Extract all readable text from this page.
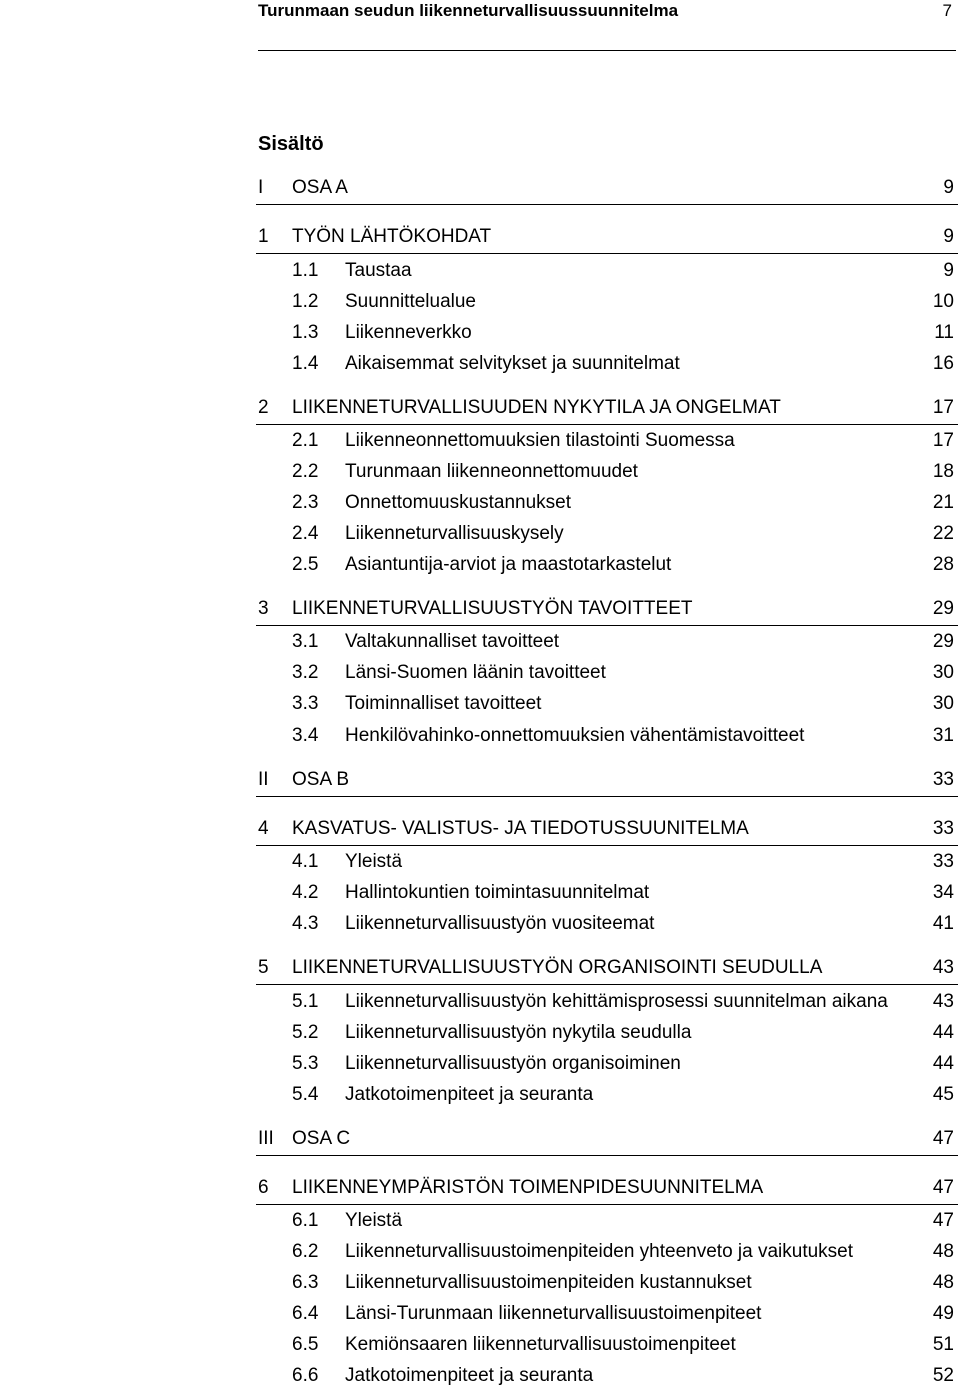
Turunmaan seudun liikenneturvallisuussuunnitelma	7
Sisältö
I OSA A	9
1 TYÖN LÄHTÖKOHDAT	9
1.1 Taustaa	9
1.2 Suunnittelualue	10
1.3 Liikenneverkko	11
1.4 Aikaisemmat selvitykset ja suunnitelmat	16
2 LIIKENNETURVALLISUUDEN NYKYTILA JA ONGELMAT	17
2.1 Liikenneonnettomuuksien tilastointi Suomessa	17
2.2 Turunmaan liikenneonnettomuudet	18
2.3 Onnettomuuskustannukset	21
2.4 Liikenneturvallisuuskysely	22
2.5 Asiantuntija-arviot ja maastotarkastelut	28
3 LIIKENNETURVALLISUUSTYÖN TAVOITTEET	29
3.1 Valtakunnalliset tavoitteet	29
3.2 Länsi-Suomen läänin tavoitteet	30
3.3 Toiminnalliset tavoitteet	30
3.4 Henkilövahinko-onnettomuuksien vähentämistavoitteet	31
II OSA B	33
4 KASVATUS- VALISTUS- JA TIEDOTUSSUUNITELMA	33
4.1 Yleistä	33
4.2 Hallintokuntien toimintasuunnitelmat	34
4.3 Liikenneturvallisuustyön vuositeemat	41
5 LIIKENNETURVALLISUUSTYÖN ORGANISOINTI SEUDULLA	43
5.1 Liikenneturvallisuustyön kehittämisprosessi suunnitelman aikana 43
5.2 Liikenneturvallisuustyön nykytila seudulla	44
5.3 Liikenneturvallisuustyön organisoiminen	44
5.4 Jatkotoimenpiteet ja seuranta	45
III OSA C	47
6 LIIKENNEYMPÄRISTÖN TOIMENPIDESUUNNITELMA	47
6.1 Yleistä	47
6.2 Liikenneturvallisuustoimenpiteiden yhteenveto ja vaikutukset	48
6.3 Liikenneturvallisuustoimenpiteiden kustannukset	48
6.4 Länsi-Turunmaan liikenneturvallisuustoimenpiteet	49
6.5 Kemiönsaaren liikenneturvallisuustoimenpiteet	51
6.6 Jatkotoimenpiteet ja seuranta	52
